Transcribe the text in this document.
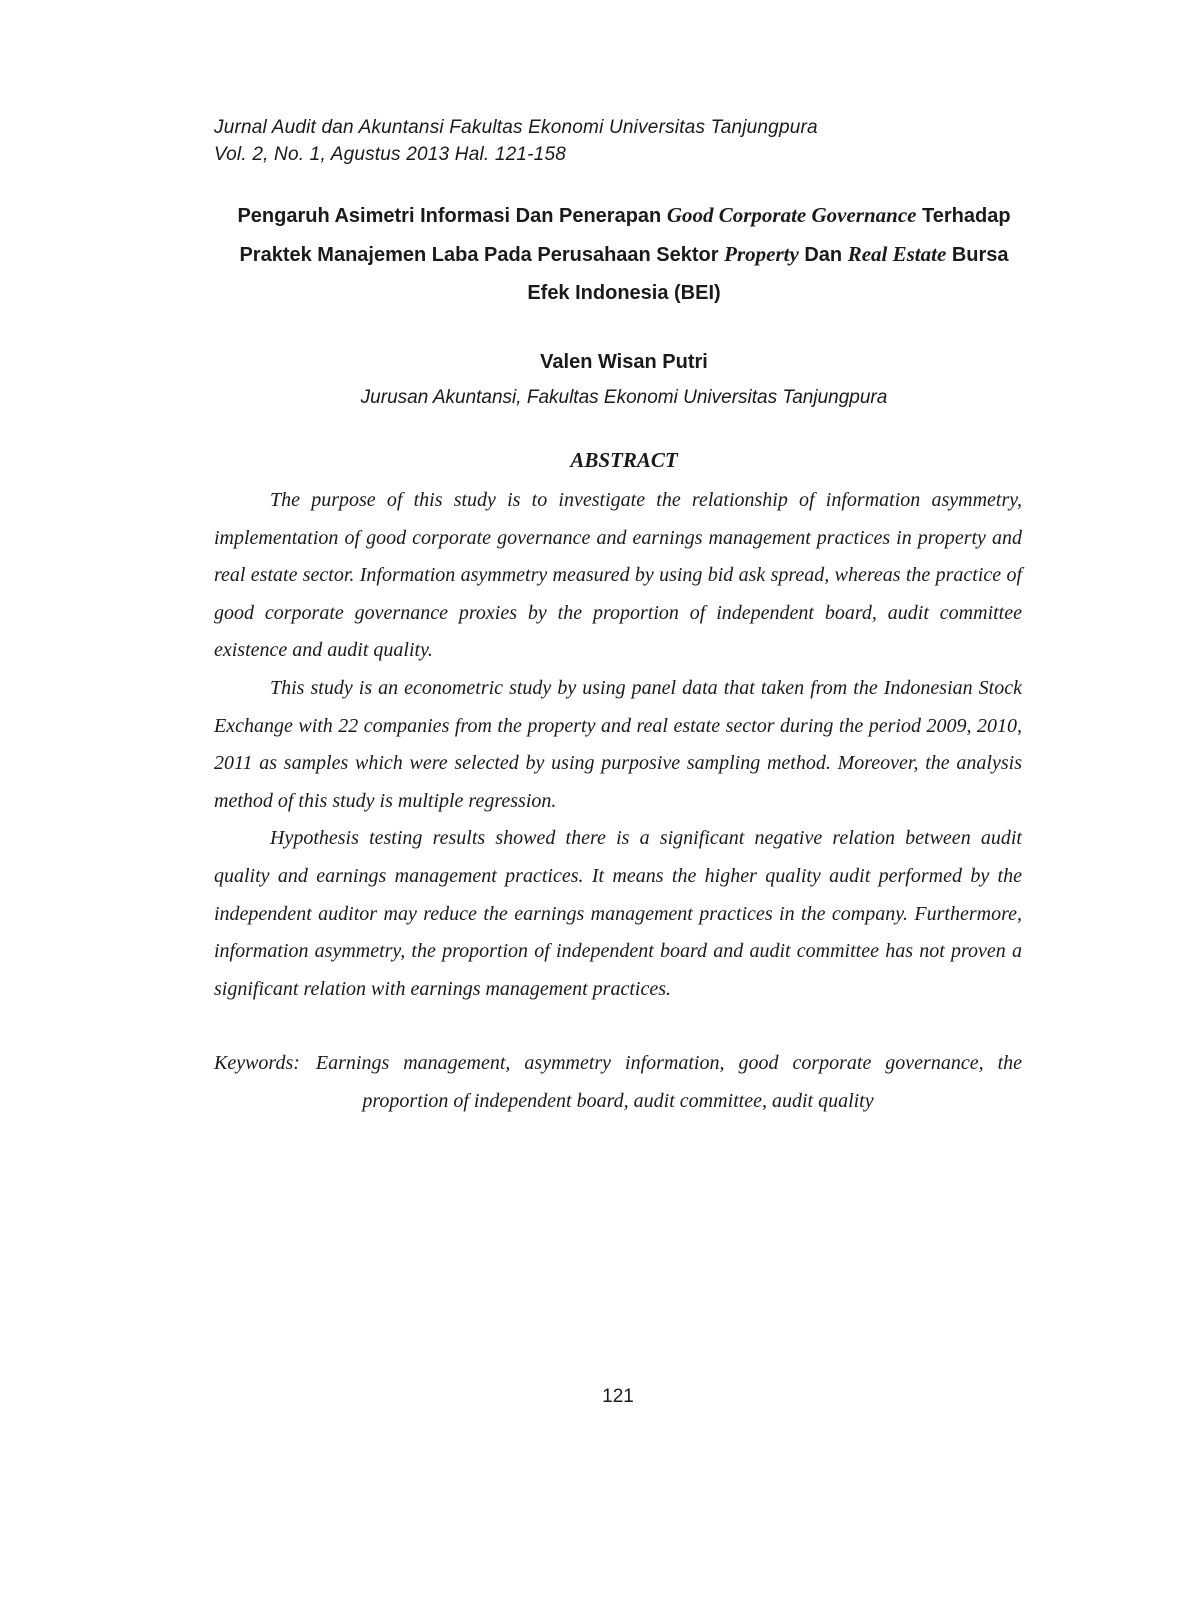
Jurnal Audit dan Akuntansi Fakultas Ekonomi Universitas Tanjungpura
Vol. 2, No. 1, Agustus 2013 Hal. 121-158
Pengaruh Asimetri Informasi Dan Penerapan Good Corporate Governance Terhadap
Praktek Manajemen Laba Pada Perusahaan Sektor Property Dan Real Estate Bursa
Efek Indonesia (BEI)
Valen Wisan Putri
Jurusan Akuntansi, Fakultas Ekonomi Universitas Tanjungpura
ABSTRACT

The purpose of this study is to investigate the relationship of information asymmetry, implementation of good corporate governance and earnings management practices in property and real estate sector. Information asymmetry measured by using bid ask spread, whereas the practice of good corporate governance proxies by the proportion of independent board, audit committee existence and audit quality.

This study is an econometric study by using panel data that taken from the Indonesian Stock Exchange with 22 companies from the property and real estate sector during the period 2009, 2010, 2011 as samples which were selected by using purposive sampling method. Moreover, the analysis method of this study is multiple regression.

Hypothesis testing results showed there is a significant negative relation between audit quality and earnings management practices. It means the higher quality audit performed by the independent auditor may reduce the earnings management practices in the company. Furthermore, information asymmetry, the proportion of independent board and audit committee has not proven a significant relation with earnings management practices.

Keywords: Earnings management, asymmetry information, good corporate governance, the
proportion of independent board, audit committee, audit quality
121
